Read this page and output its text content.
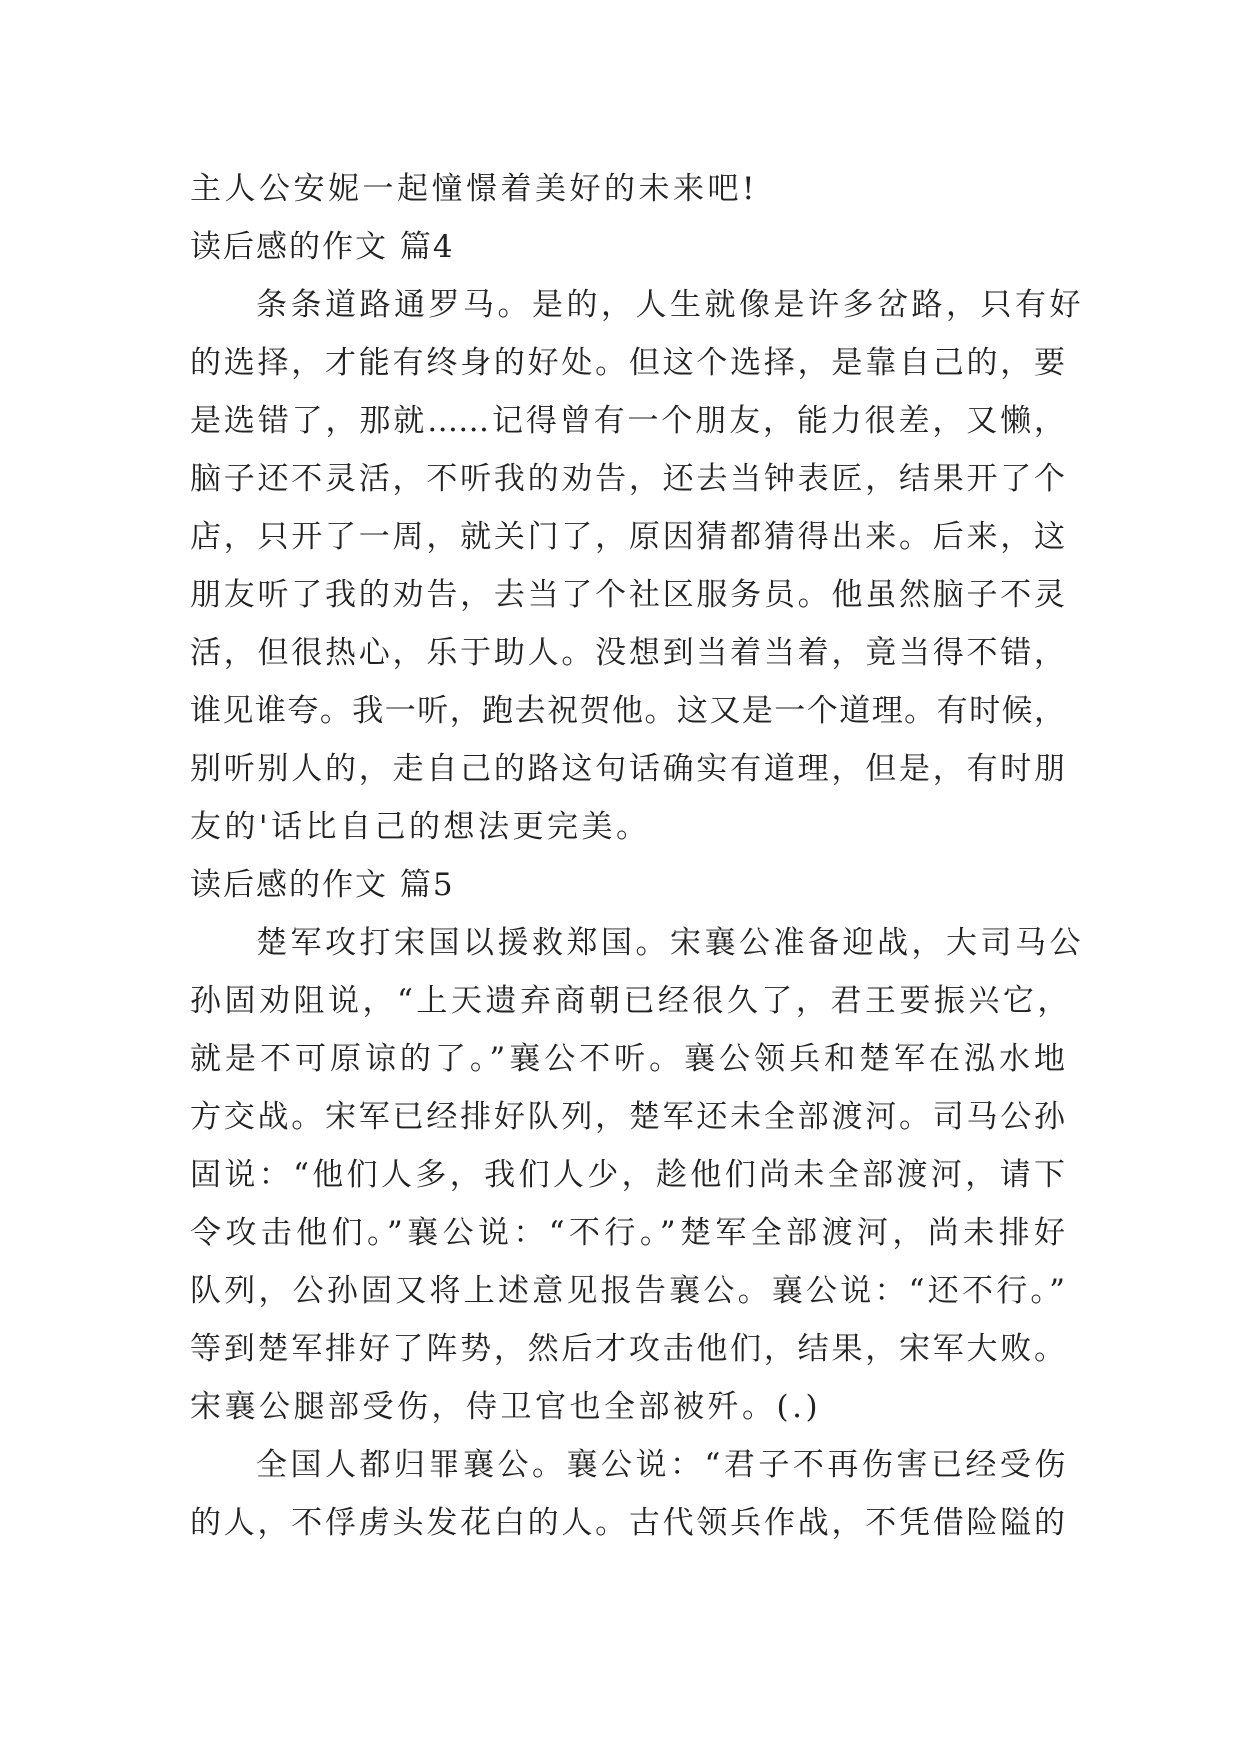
主人公安妮一起憧憬着美好的未来吧!
读后感的作文 篇4
条条道路通罗马。是的，人生就像是许多岔路，只有好
的选择，才能有终身的好处。但这个选择，是靠自己的，要
是选错了，那就……记得曾有一个朋友，能力很差，又懒，
脑子还不灵活，不听我的劝告，还去当钟表匠，结果开了个
店，只开了一周，就关门了，原因猜都猜得出来。后来，这
朋友听了我的劝告，去当了个社区服务员。他虽然脑子不灵
活，但很热心，乐于助人。没想到当着当着，竟当得不错，
谁见谁夸。我一听，跑去祝贺他。这又是一个道理。有时候，
别听别人的，走自己的路这句话确实有道理，但是，有时朋
友的'话比自己的想法更完美。
读后感的作文 篇5
楚军攻打宋国以援救郑国。宋襄公准备迎战，大司马公
孙固劝阻说，“上天遗弃商朝已经很久了，君王要振兴它，
就是不可原谅的了。”襄公不听。襄公领兵和楚军在泓水地
方交战。宋军已经排好队列，楚军还未全部渡河。司马公孙
固说：“他们人多，我们人少，趁他们尚未全部渡河，请下
令攻击他们。”襄公说：“不行。”楚军全部渡河，尚未排好
队列，公孙固又将上述意见报告襄公。襄公说：“还不行。”
等到楚军排好了阵势，然后才攻击他们，结果，宋军大败。
宋襄公腿部受伤，侍卫官也全部被歼。(.)
全国人都归罪襄公。襄公说：“君子不再伤害已经受伤
的人，不俘虏头发花白的人。古代领兵作战，不凭借险隘的
